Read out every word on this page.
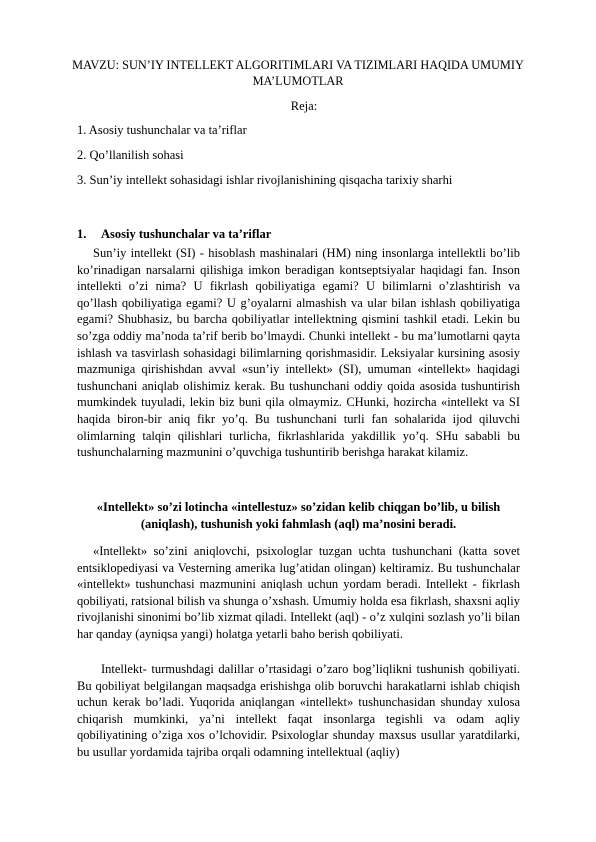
MAVZU: SUN’IY INTELLEKT ALGORITIMLARI VA TIZIMLARI HAQIDA UMUMIY MA’LUMOTLAR
Reja:
1. Asosiy tushunchalar va ta’riflar
2. Qo’llanilish sohasi
3. Sun’iy intellekt sohasidagi ishlar rivojlanishining qisqacha tarixiy sharhi
1. Asosiy tushunchalar va ta’riflar
Sun’iy intellekt (SI) - hisoblash mashinalari (HM) ning insonlarga intellektli bo’lib ko’rinadigan narsalarni qilishiga imkon beradigan kontseptsiyalar haqidagi fan. Inson intellekti o’zi nima? U fikrlash qobiliyatiga egami? U bilimlarni o’zlashtirish va qo’llash qobiliyatiga egami? U g’oyalarni almashish va ular bilan ishlash qobiliyatiga egami? Shubhasiz, bu barcha qobiliyatlar intellektning qismini tashkil etadi. Lekin bu so’zga oddiy ma’noda ta’rif berib bo’lmaydi. Chunki intellekt - bu ma’lumotlarni qayta ishlash va tasvirlash sohasidagi bilimlarning qorishmasidir. Leksiyalar kursining asosiy mazmuniga qirishishdan avval «sun’iy intellekt» (SI), umuman «intellekt» haqidagi tushunchani aniqlab olishimiz kerak. Bu tushunchani oddiy qoida asosida tushuntirish mumkindek tuyuladi, lekin biz buni qila olmaymiz. CHunki, hozircha «intellekt va SI haqida biron-bir aniq fikr yo’q. Bu tushunchani turli fan sohalarida ijod qiluvchi olimlarning talqin qilishlari turlicha, fikrlashlarida yakdillik yo’q. SHu sababli bu tushunchalarning mazmunini o’quvchiga tushuntirib berishga harakat kilamiz.
«Intellekt» so’zi lotincha «intellestuz» so’zidan kelib chiqgan bo’lib, u bilish (aniqlash), tushunish yoki fahmlash (aql) ma’nosini beradi.
«Intellekt» so’zini aniqlovchi, psixologlar tuzgan uchta tushunchani (katta sovet entsiklopediyasi va Vesterning amerika lug’atidan olingan) keltiramiz. Bu tushunchalar «intellekt» tushunchasi mazmunini aniqlash uchun yordam beradi. Intellekt - fikrlash qobiliyati, ratsional bilish va shunga o’xshash. Umumiy holda esa fikrlash, shaxsni aqliy rivojlanishi sinonimi bo’lib xizmat qiladi. Intellekt (aql) - o’z xulqini sozlash yo’li bilan har qanday (ayniqsa yangi) holatga yetarli baho berish qobiliyati.
Intellekt- turmushdagi dalillar o’rtasidagi o’zaro bog’liqlikni tushunish qobiliyati. Bu qobiliyat belgilangan maqsadga erishishga olib boruvchi harakatlarni ishlab chiqish uchun kerak bo’ladi. Yuqorida aniqlangan «intellekt» tushunchasidan shunday xulosa chiqarish mumkinki, ya’ni intellekt faqat insonlarga tegishli va odam aqliy qobiliyatining o’ziga xos o’lchovidir. Psixologlar shunday maxsus usullar yaratdilarki, bu usullar yordamida tajriba orqali odamning intellektual (aqliy)
